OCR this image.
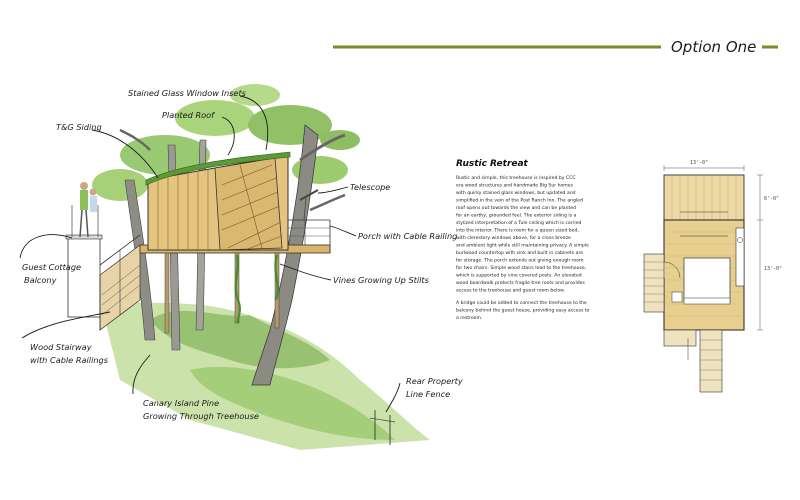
Option One
Stained Glass Window Insets
Planted Roof
T&G Siding
Telescope
Porch with Cable Railing
Guest Cottage
Balcony	Vines Growing Up Stilts
Wood Stairway
with Cable Railings
Canary Island Pine
Growing Through Treehouse
Rear Property
Line Fence
Rustic Retreat
Rustic and simple, this treehouse is inspired by CCC
era wood structures and handmade Big Sur homes
with quirky stained glass windows, but updated and
simplified in the vein of the Post Ranch Inn. The angled
roof opens out towards the view and can be planted
for an earthy, grounded feel. The exterior siding is a
stylized interpretation of a Tule ceiling which is carried
into the interior. There is room for a queen sized bed,
with clerestory windows above, for a cross breeze
and ambient light while still maintaining privacy. A simple
burlwood countertop with sink and built in cabinets are
for storage. The porch extends out giving enough room
for two chairs. Simple wood stairs lead to the treehouse,
which is supported by vine covered posts. An elevated
wood boardwalk protects fragile tree roots and provides
access to the treehouse and guest room below.
A bridge could be added to connect the treehouse to the
balcony behind the guest house, providing easy access to
a restroom.
13'-0"
6'-0"
13'-0"
